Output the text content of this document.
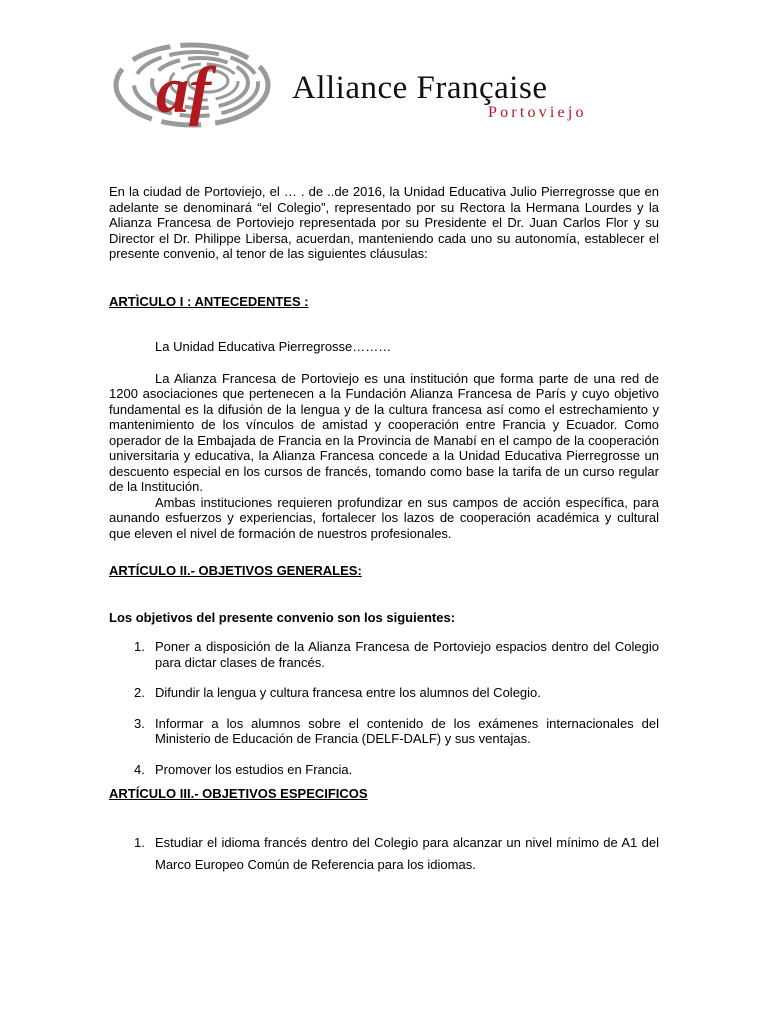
af Alliance Française

Portoviejo

En la ciudad de Portoviejo, el … . de ..de 2016, la Unidad Educativa Julio Pierregrosse que en adelante se denominará “el Colegio”, representado por su Rectora la Hermana Lourdes y la Alianza Francesa de Portoviejo representada por su Presidente el Dr. Juan Carlos Flor y su Director el Dr. Philippe Libersa, acuerdan, manteniendo cada uno su autonomía, establecer el presente convenio, al tenor de las siguientes cláusulas:

ARTÌCULO I : ANTECEDENTES :

La Unidad Educativa Pierregrosse………

La Alianza Francesa de Portoviejo es una institución que forma parte de una red de 1200 asociaciones que pertenecen a la Fundación Alianza Francesa de París y cuyo objetivo fundamental es la difusión de la lengua y de la cultura francesa así como el estrechamiento y mantenimiento de los vínculos de amistad y cooperación entre Francia y Ecuador. Como operador de la Embajada de Francia en la Provincia de Manabí en el campo de la cooperación universitaria y educativa, la Alianza Francesa concede a la Unidad Educativa Pierregrosse un descuento especial en los cursos de francés, tomando como base la tarifa de un curso regular de la Institución.

Ambas instituciones requieren profundizar en sus campos de acción específica, para aunando esfuerzos y experiencias, fortalecer los lazos de cooperación académica y cultural que eleven el nivel de formación de nuestros profesionales.

ARTÍCULO II.- OBJETIVOS GENERALES:

Los objetivos del presente convenio son los siguientes:

1. Poner a disposición de la Alianza Francesa de Portoviejo espacios dentro del Colegio para dictar clases de francés.
2. Difundir la lengua y cultura francesa entre los alumnos del Colegio.
3. Informar a los alumnos sobre el contenido de los exámenes internacionales del Ministerio de Educación de Francia (DELF-DALF) y sus ventajas.
4. Promover los estudios en Francia.

ARTÍCULO III.- OBJETIVOS ESPECIFICOS

1. Estudiar el idioma francés dentro del Colegio para alcanzar un nivel mínimo de A1 del Marco Europeo Común de Referencia para los idiomas.
